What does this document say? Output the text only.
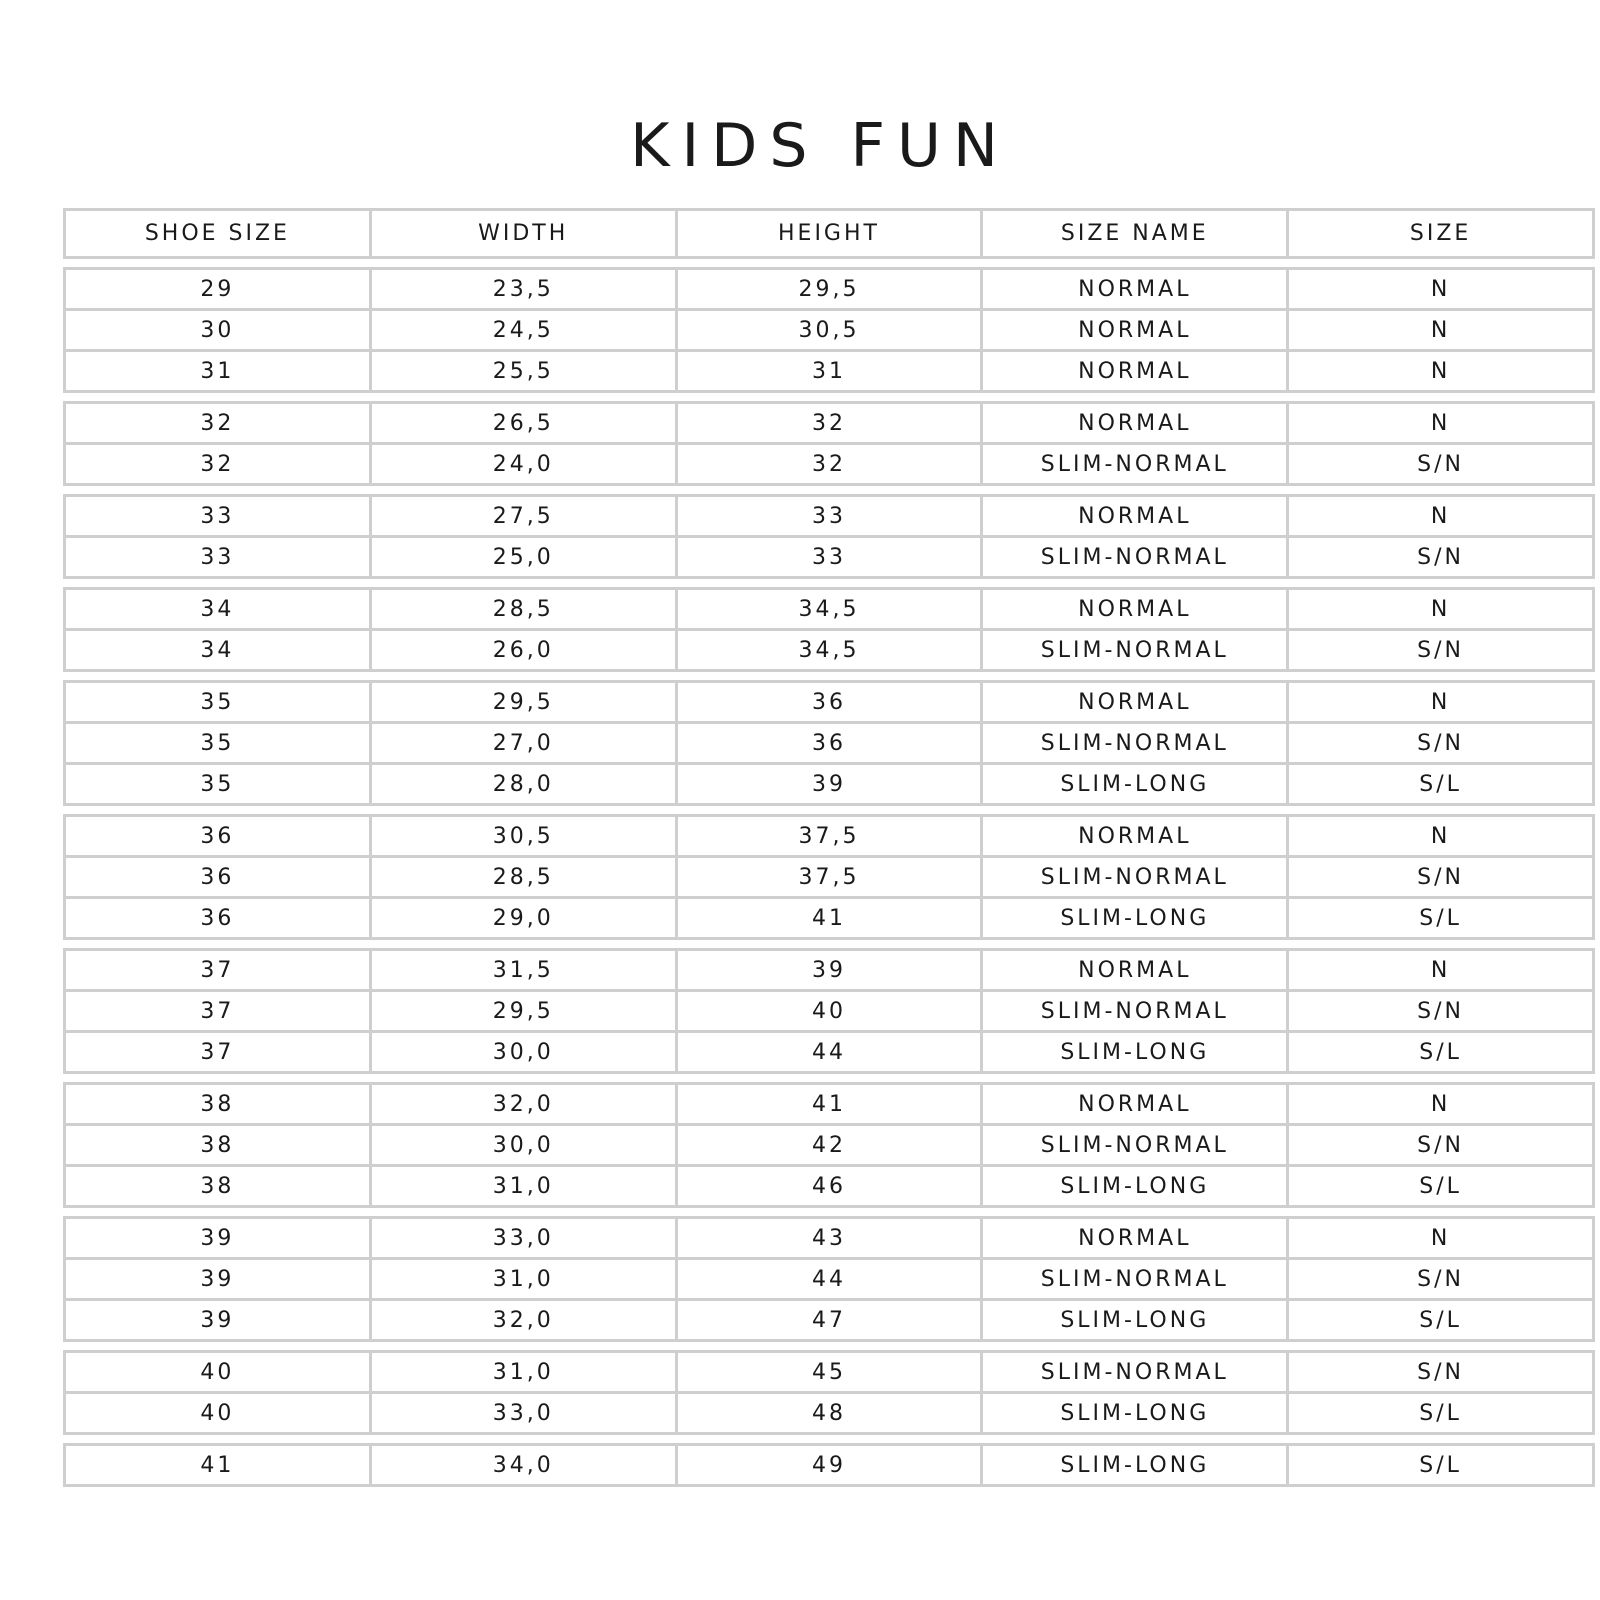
KIDS FUN
SHOE SIZE	WIDTH	HEIGHT	SIZE NAME	SIZE
29	23,5	29,5	NORMAL	N
30	24,5	30,5	NORMAL	N
31	25,5	31	NORMAL	N
32	26,5	32	NORMAL	N
32	24,0	32	SLIM-NORMAL	S/N
33	27,5	33	NORMAL	N
33	25,0	33	SLIM-NORMAL	S/N
34	28,5	34,5	NORMAL	N
34	26,0	34,5	SLIM-NORMAL	S/N
35	29,5	36	NORMAL	N
35	27,0	36	SLIM-NORMAL	S/N
35	28,0	39	SLIM-LONG	S/L
36	30,5	37,5	NORMAL	N
36	28,5	37,5	SLIM-NORMAL	S/N
36	29,0	41	SLIM-LONG	S/L
37	31,5	39	NORMAL	N
37	29,5	40	SLIM-NORMAL	S/N
37	30,0	44	SLIM-LONG	S/L
38	32,0	41	NORMAL	N
38	30,0	42	SLIM-NORMAL	S/N
38	31,0	46	SLIM-LONG	S/L
39	33,0	43	NORMAL	N
39	31,0	44	SLIM-NORMAL	S/N
39	32,0	47	SLIM-LONG	S/L
40	31,0	45	SLIM-NORMAL	S/N
40	33,0	48	SLIM-LONG	S/L
41	34,0	49	SLIM-LONG	S/L
